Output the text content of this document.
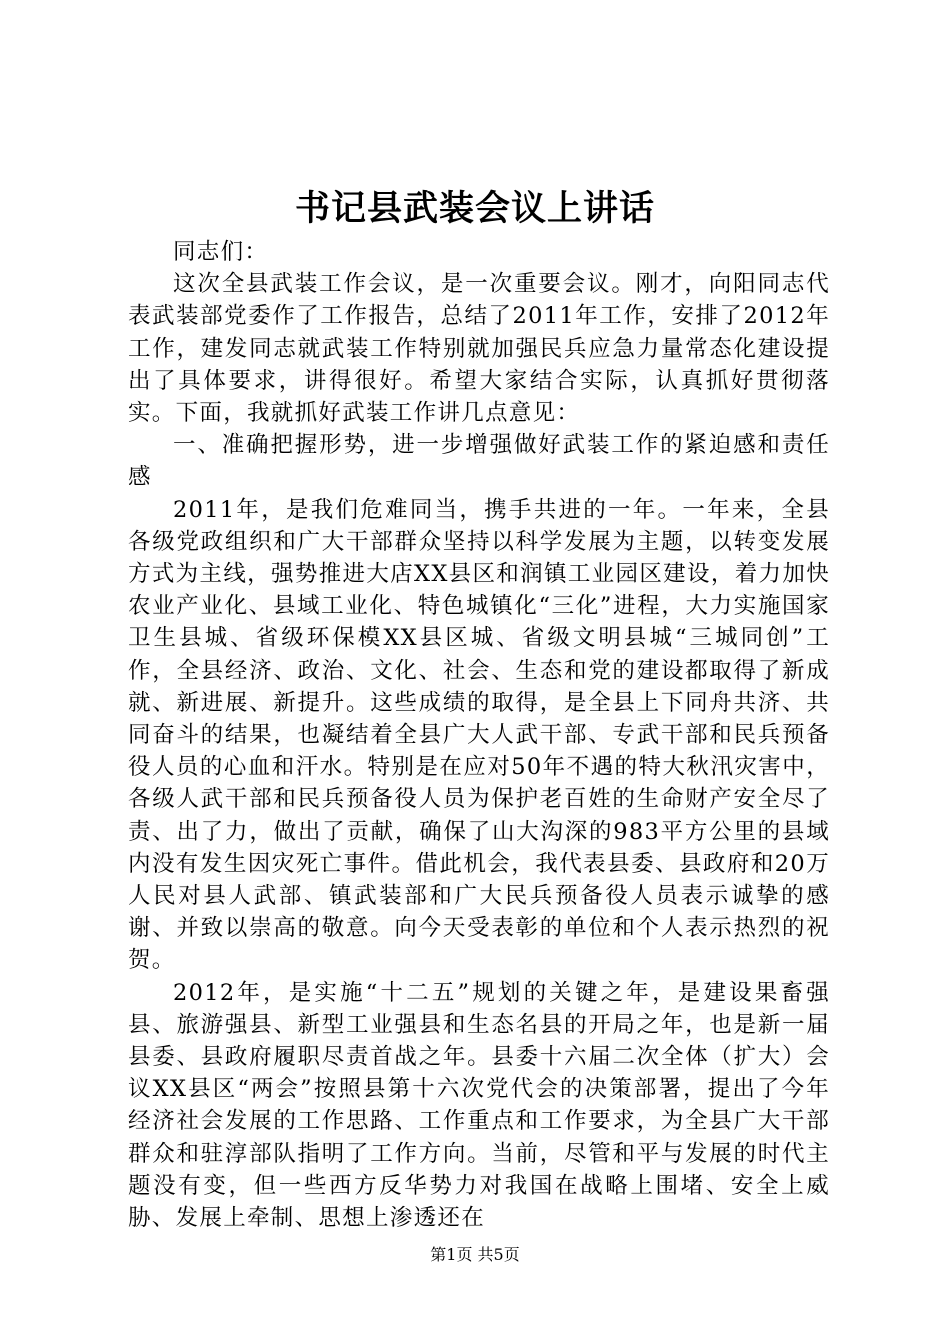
书记县武装会议上讲话

同志们：

这次全县武装工作会议，是一次重要会议。刚才，向阳同志代表武装部党委作了工作报告，总结了2011年工作，安排了2012年工作，建发同志就武装工作特别就加强民兵应急力量常态化建设提出了具体要求，讲得很好。希望大家结合实际，认真抓好贯彻落实。下面，我就抓好武装工作讲几点意见：

一、准确把握形势，进一步增强做好武装工作的紧迫感和责任感

2011年，是我们危难同当，携手共进的一年。一年来，全县各级党政组织和广大干部群众坚持以科学发展为主题，以转变发展方式为主线，强势推进大店XX县区和润镇工业园区建设，着力加快农业产业化、县域工业化、特色城镇化“三化”进程，大力实施国家卫生县城、省级环保模XX县区城、省级文明县城“三城同创”工作，全县经济、政治、文化、社会、生态和党的建设都取得了新成就、新进展、新提升。这些成绩的取得，是全县上下同舟共济、共同奋斗的结果，也凝结着全县广大人武干部、专武干部和民兵预备役人员的心血和汗水。特别是在应对50年不遇的特大秋汛灾害中，各级人武干部和民兵预备役人员为保护老百姓的生命财产安全尽了责、出了力，做出了贡献，确保了山大沟深的983平方公里的县域内没有发生因灾死亡事件。借此机会，我代表县委、县政府和20万人民对县人武部、镇武装部和广大民兵预备役人员表示诚挚的感谢、并致以崇高的敬意。向今天受表彰的单位和个人表示热烈的祝贺。

2012年，是实施“十二五”规划的关键之年，是建设果畜强县、旅游强县、新型工业强县和生态名县的开局之年，也是新一届县委、县政府履职尽责首战之年。县委十六届二次全体（扩大）会议XX县区“两会”按照县第十六次党代会的决策部署，提出了今年经济社会发展的工作思路、工作重点和工作要求，为全县广大干部群众和驻淳部队指明了工作方向。当前，尽管和平与发展的时代主题没有变，但一些西方反华势力对我国在战略上围堵、安全上威胁、发展上牵制、思想上渗透还在

第1页 共5页
